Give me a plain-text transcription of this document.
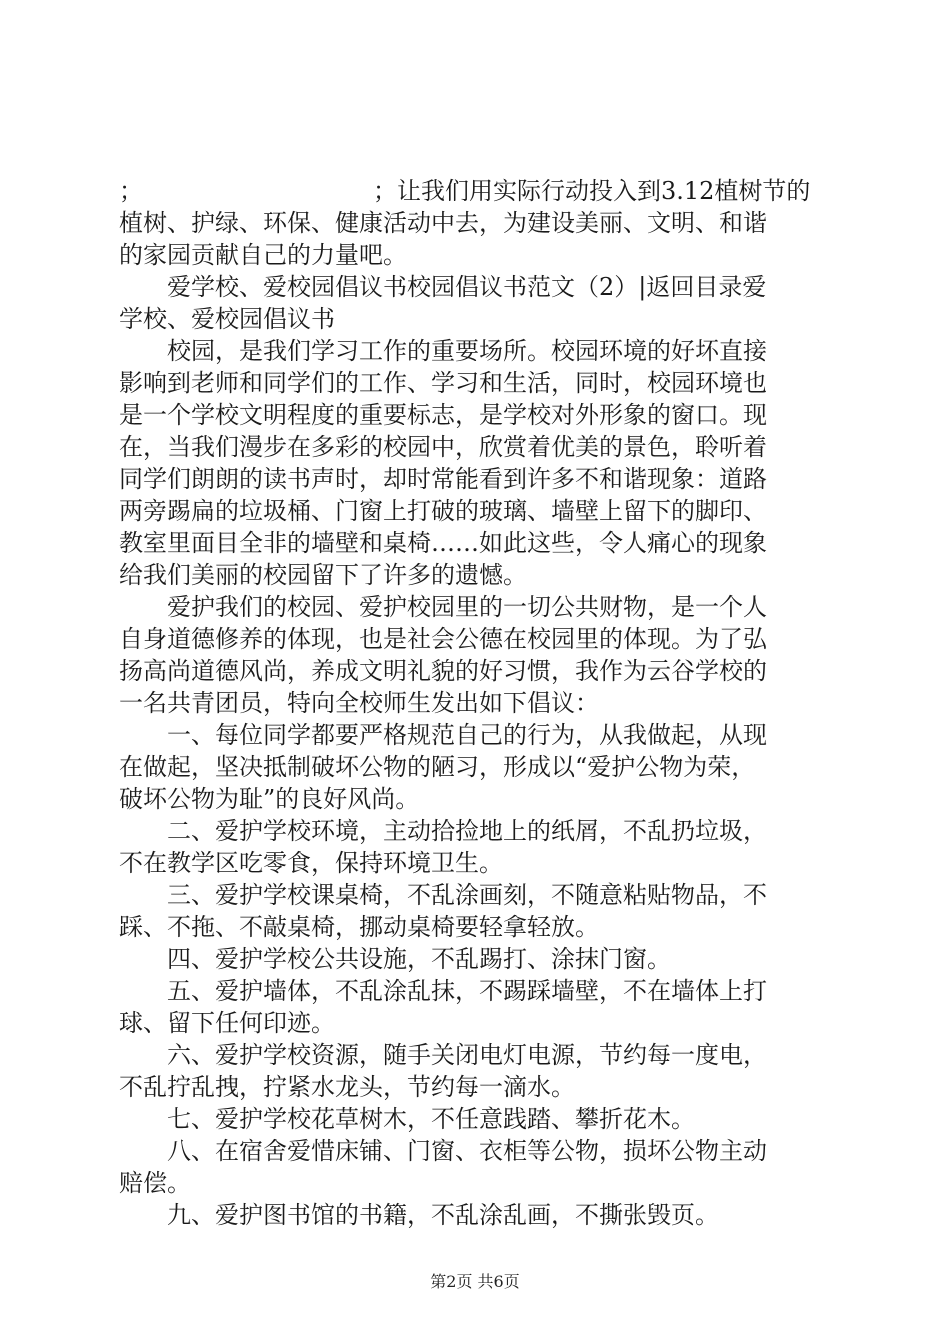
；	；让我们用实际行动投入到3.12植树节的
植树、护绿、环保、健康活动中去，为建设美丽、文明、和谐
的家园贡献自己的力量吧。
　　爱学校、爱校园倡议书校园倡议书范文（2）|返回目录爱
学校、爱校园倡议书
　　校园，是我们学习工作的重要场所。校园环境的好坏直接
影响到老师和同学们的工作、学习和生活，同时，校园环境也
是一个学校文明程度的重要标志，是学校对外形象的窗口。现
在，当我们漫步在多彩的校园中，欣赏着优美的景色，聆听着
同学们朗朗的读书声时，却时常能看到许多不和谐现象：道路
两旁踢扁的垃圾桶、门窗上打破的玻璃、墙壁上留下的脚印、
教室里面目全非的墙壁和桌椅……如此这些，令人痛心的现象
给我们美丽的校园留下了许多的遗憾。
　　爱护我们的校园、爱护校园里的一切公共财物，是一个人
自身道德修养的体现，也是社会公德在校园里的体现。为了弘
扬高尚道德风尚，养成文明礼貌的好习惯，我作为云谷学校的
一名共青团员，特向全校师生发出如下倡议：
　　一、每位同学都要严格规范自己的行为，从我做起，从现
在做起，坚决抵制破坏公物的陋习，形成以“爱护公物为荣，
破坏公物为耻”的良好风尚。
　　二、爱护学校环境，主动拾捡地上的纸屑，不乱扔垃圾，
不在教学区吃零食，保持环境卫生。
　　三、爱护学校课桌椅，不乱涂画刻，不随意粘贴物品，不
踩、不拖、不敲桌椅，挪动桌椅要轻拿轻放。
　　四、爱护学校公共设施，不乱踢打、涂抹门窗。
　　五、爱护墙体，不乱涂乱抹，不踢踩墙壁，不在墙体上打
球、留下任何印迹。
　　六、爱护学校资源，随手关闭电灯电源，节约每一度电，
不乱拧乱拽，拧紧水龙头，节约每一滴水。
　　七、爱护学校花草树木，不任意践踏、攀折花木。
　　八、在宿舍爱惜床铺、门窗、衣柜等公物，损坏公物主动
赔偿。
　　九、爱护图书馆的书籍，不乱涂乱画，不撕张毁页。
第2页 共6页
